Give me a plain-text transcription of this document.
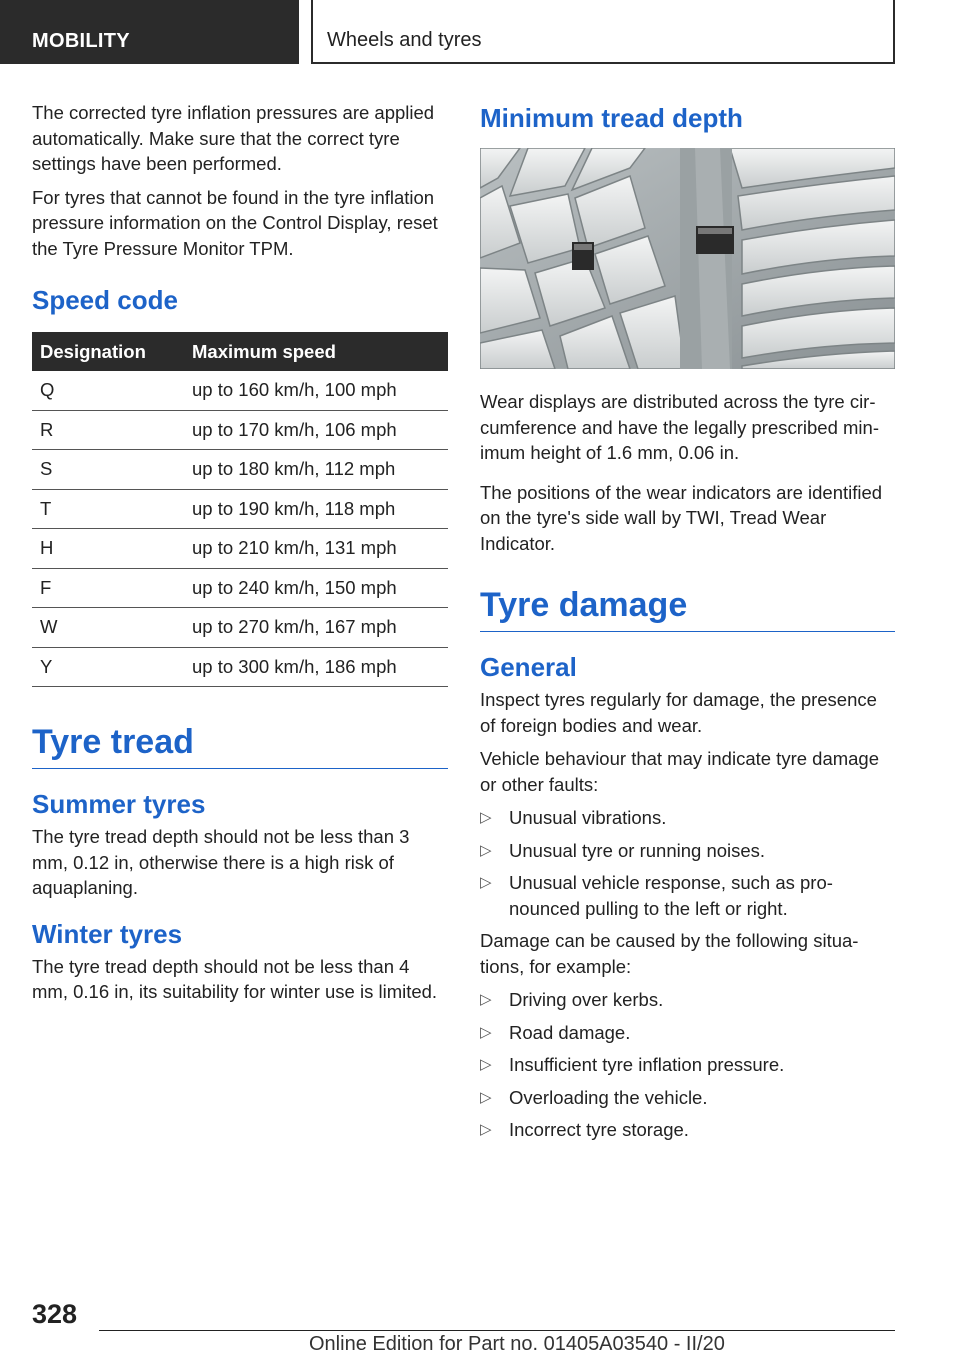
MOBILITY	Wheels and tyres

The corrected tyre inflation pressures are applied automatically. Make sure that the correct tyre settings have been performed.

For tyres that cannot be found in the tyre inflation pressure information on the Control Display, reset the Tyre Pressure Monitor TPM.

Speed code
Designation	Maximum speed
Q	up to 160 km/h, 100 mph
R	up to 170 km/h, 106 mph
S	up to 180 km/h, 112 mph
T	up to 190 km/h, 118 mph
H	up to 210 km/h, 131 mph
F	up to 240 km/h, 150 mph
W	up to 270 km/h, 167 mph
Y	up to 300 km/h, 186 mph
Tyre tread
Summer tyres

The tyre tread depth should not be less than 3 mm, 0.12 in, otherwise there is a high risk of aquaplaning.

Winter tyres

The tyre tread depth should not be less than 4 mm, 0.16 in, its suitability for winter use is limited.

Minimum tread depth

Wear displays are distributed across the tyre circumference and have the legally prescribed minimum height of 1.6 mm, 0.06 in.

The positions of the wear indicators are identified on the tyre's side wall by TWI, Tread Wear Indicator.

Tyre damage
General

Inspect tyres regularly for damage, the presence of foreign bodies and wear.

Vehicle behaviour that may indicate tyre damage or other faults:

▷ Unusual vibrations.
▷ Unusual tyre or running noises.
▷ Unusual vehicle response, such as pronounced pulling to the left or right.

Damage can be caused by the following situations, for example:

▷ Driving over kerbs.
▷ Road damage.
▷ Insufficient tyre inflation pressure.
▷ Overloading the vehicle.
▷ Incorrect tyre storage.
328
Online Edition for Part no. 01405A03540 - II/20
